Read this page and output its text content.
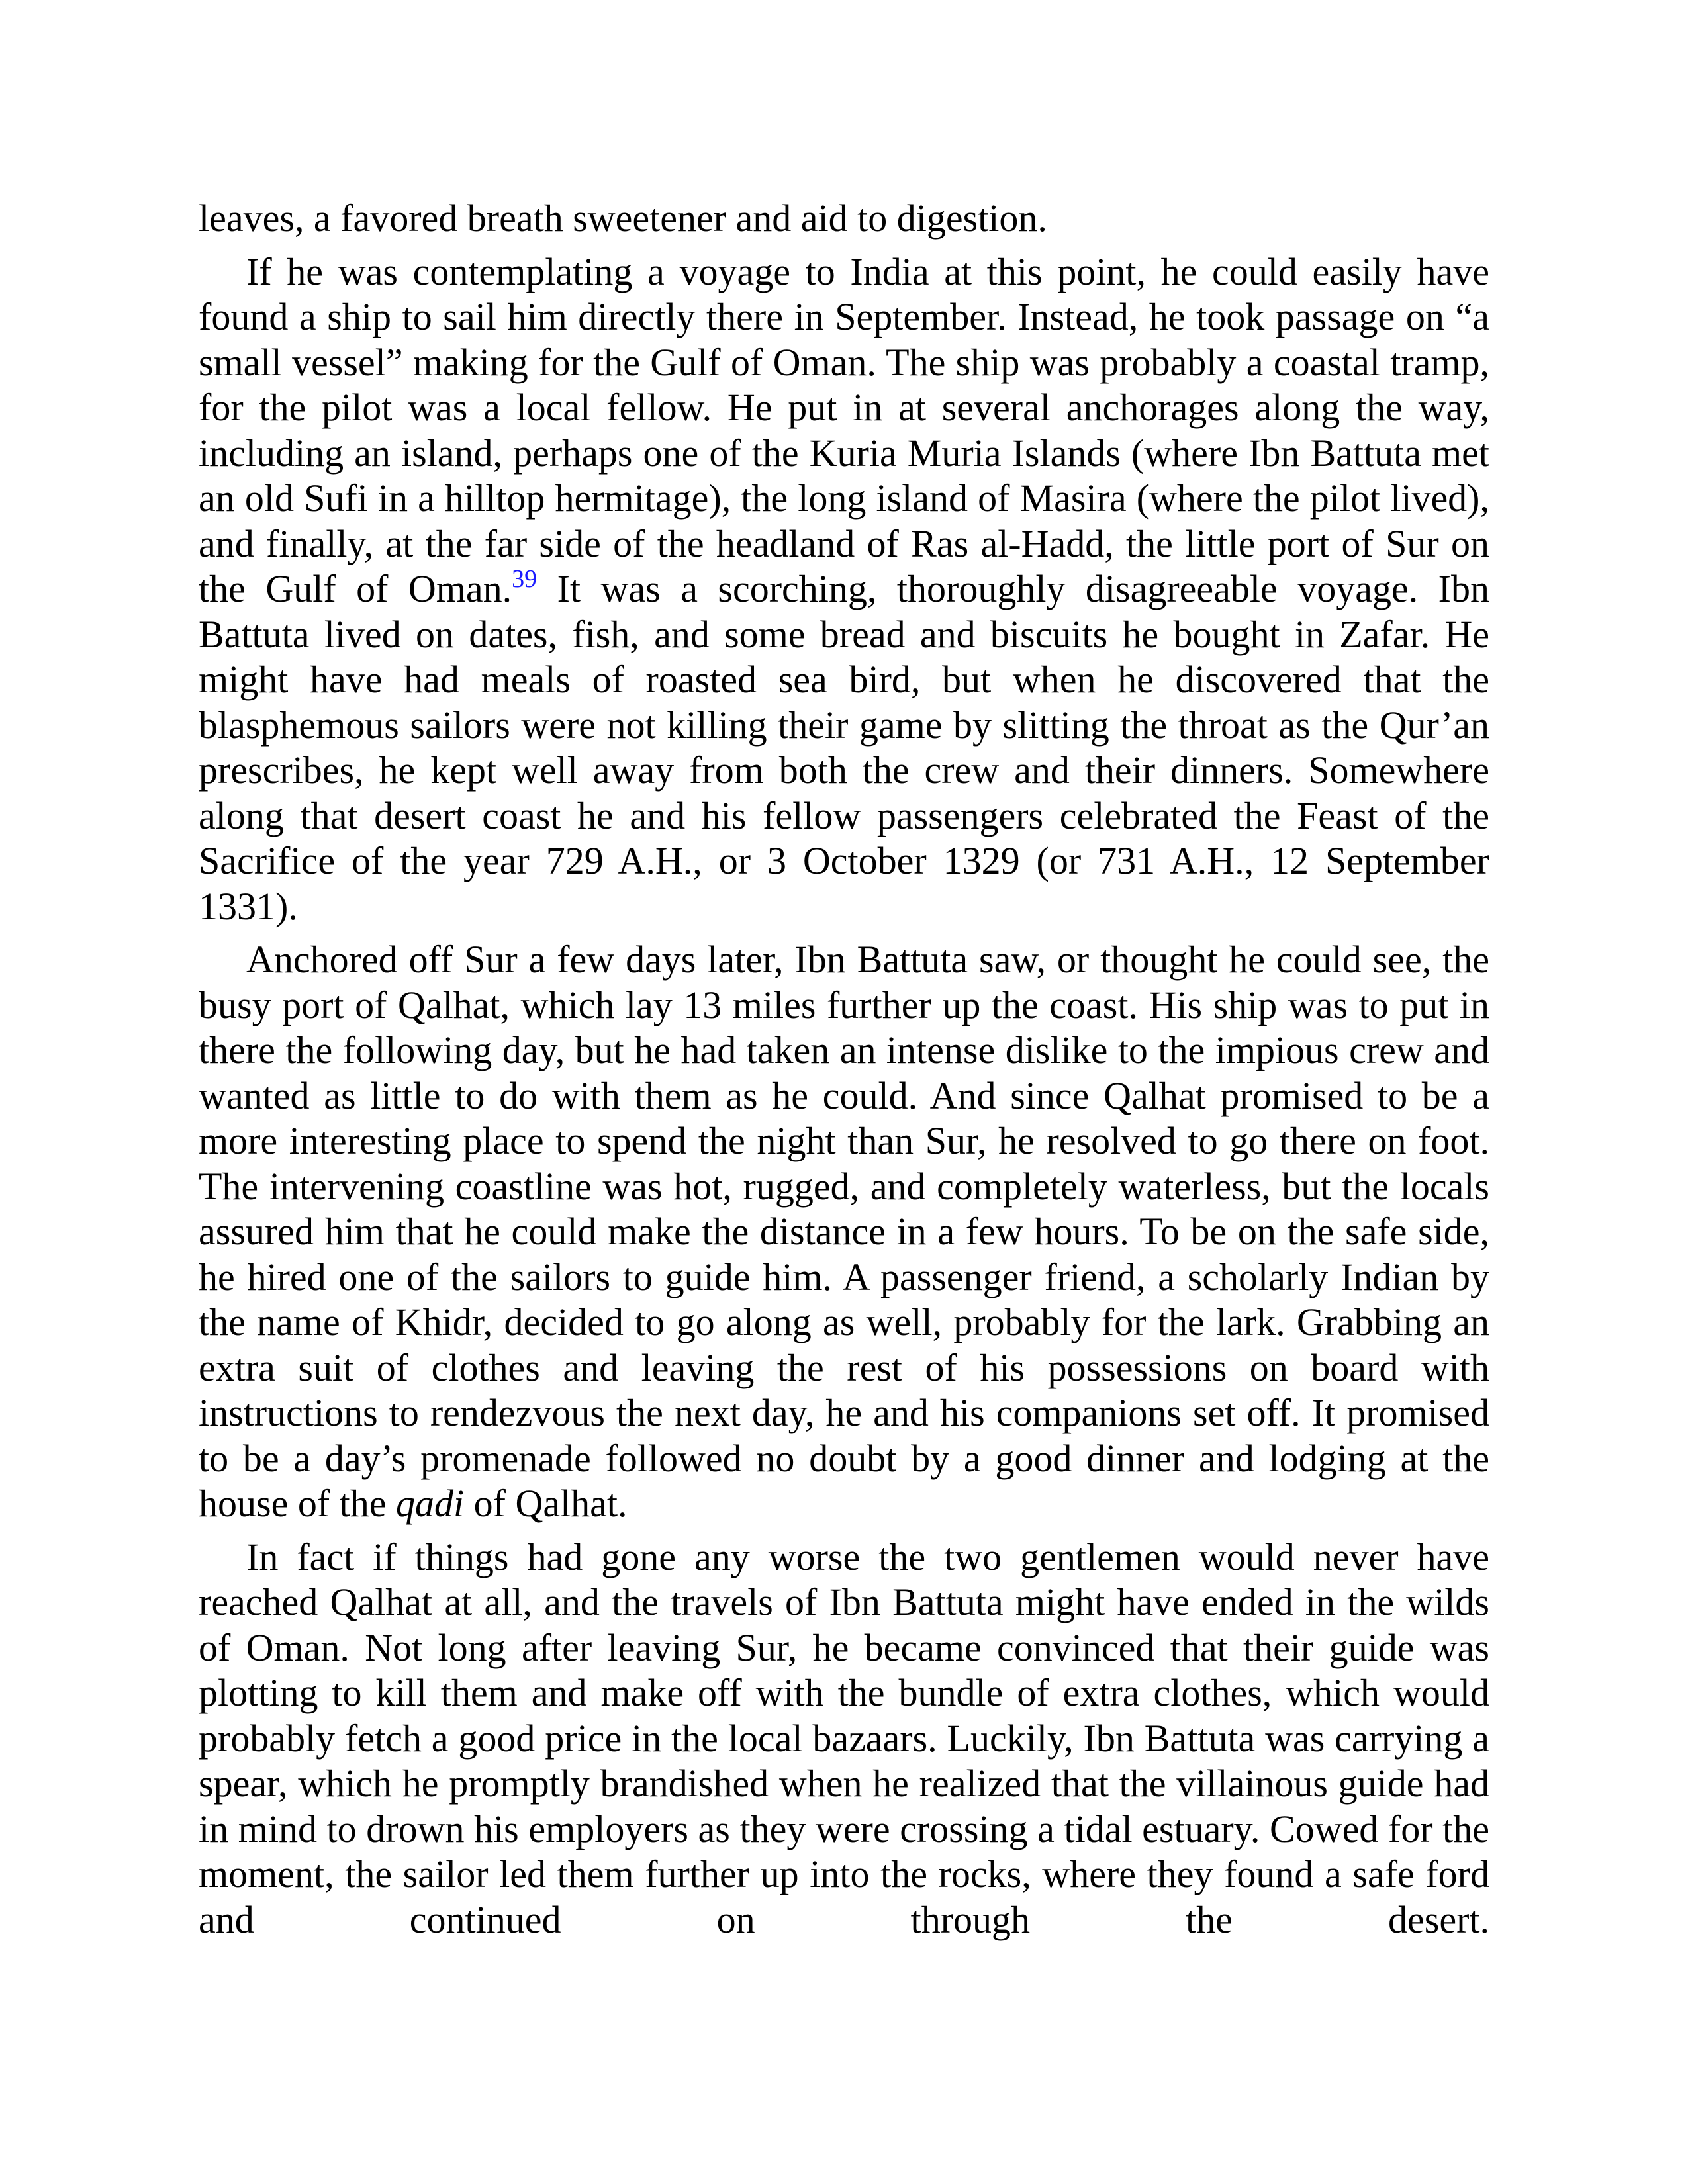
leaves, a favored breath sweetener and aid to digestion.

If he was contemplating a voyage to India at this point, he could easily have found a ship to sail him directly there in September. Instead, he took passage on “a small vessel” making for the Gulf of Oman. The ship was probably a coastal tramp, for the pilot was a local fellow. He put in at several anchorages along the way, including an island, perhaps one of the Kuria Muria Islands (where Ibn Battuta met an old Sufi in a hilltop hermitage), the long island of Masira (where the pilot lived), and finally, at the far side of the headland of Ras al-Hadd, the little port of Sur on the Gulf of Oman.$^{39}$ It was a scorching, thoroughly disagreeable voyage. Ibn Battuta lived on dates, fish, and some bread and biscuits he bought in Zafar. He might have had meals of roasted sea bird, but when he discovered that the blasphemous sailors were not killing their game by slitting the throat as the Qur’an prescribes, he kept well away from both the crew and their dinners. Somewhere along that desert coast he and his fellow passengers celebrated the Feast of the Sacrifice of the year 729 A.H., or 3 October 1329 (or 731 A.H., 12 September 1331).

Anchored off Sur a few days later, Ibn Battuta saw, or thought he could see, the busy port of Qalhat, which lay 13 miles further up the coast. His ship was to put in there the following day, but he had taken an intense dislike to the impious crew and wanted as little to do with them as he could. And since Qalhat promised to be a more interesting place to spend the night than Sur, he resolved to go there on foot. The intervening coastline was hot, rugged, and completely waterless, but the locals assured him that he could make the distance in a few hours. To be on the safe side, he hired one of the sailors to guide him. A passenger friend, a scholarly Indian by the name of Khidr, decided to go along as well, probably for the lark. Grabbing an extra suit of clothes and leaving the rest of his possessions on board with instructions to rendezvous the next day, he and his companions set off. It promised to be a day’s promenade followed no doubt by a good dinner and lodging at the house of the qadi of Qalhat.

In fact if things had gone any worse the two gentlemen would never have reached Qalhat at all, and the travels of Ibn Battuta might have ended in the wilds of Oman. Not long after leaving Sur, he became convinced that their guide was plotting to kill them and make off with the bundle of extra clothes, which would probably fetch a good price in the local bazaars. Luckily, Ibn Battuta was carrying a spear, which he promptly brandished when he realized that the villainous guide had in mind to drown his employers as they were crossing a tidal estuary. Cowed for the moment, the sailor led them further up into the rocks, where they found a safe ford and continued on through the desert.
